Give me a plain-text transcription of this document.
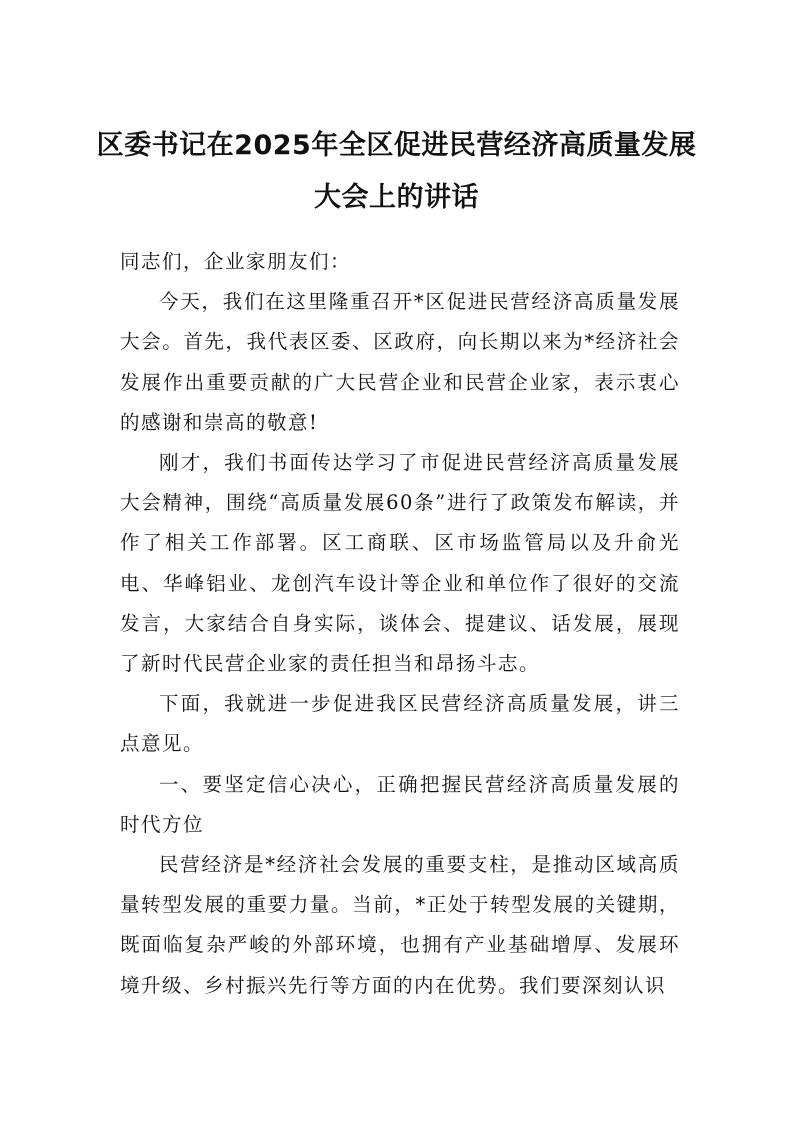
区委书记在2025年全区促进民营经济高质量发展大会上的讲话

同志们，企业家朋友们：

今天，我们在这里隆重召开*区促进民营经济高质量发展大会。首先，我代表区委、区政府，向长期以来为*经济社会发展作出重要贡献的广大民营企业和民营企业家，表示衷心的感谢和崇高的敬意!

刚才，我们书面传达学习了市促进民营经济高质量发展大会精神，围绕“高质量发展60条”进行了政策发布解读，并作了相关工作部署。区工商联、区市场监管局以及升俞光电、华峰铝业、龙创汽车设计等企业和单位作了很好的交流发言，大家结合自身实际，谈体会、提建议、话发展，展现了新时代民营企业家的责任担当和昂扬斗志。

下面，我就进一步促进我区民营经济高质量发展，讲三点意见。

一、要坚定信心决心，正确把握民营经济高质量发展的时代方位

民营经济是*经济社会发展的重要支柱，是推动区域高质量转型发展的重要力量。当前，*正处于转型发展的关键期，既面临复杂严峻的外部环境，也拥有产业基础增厚、发展环境升级、乡村振兴先行等方面的内在优势。我们要深刻认识
